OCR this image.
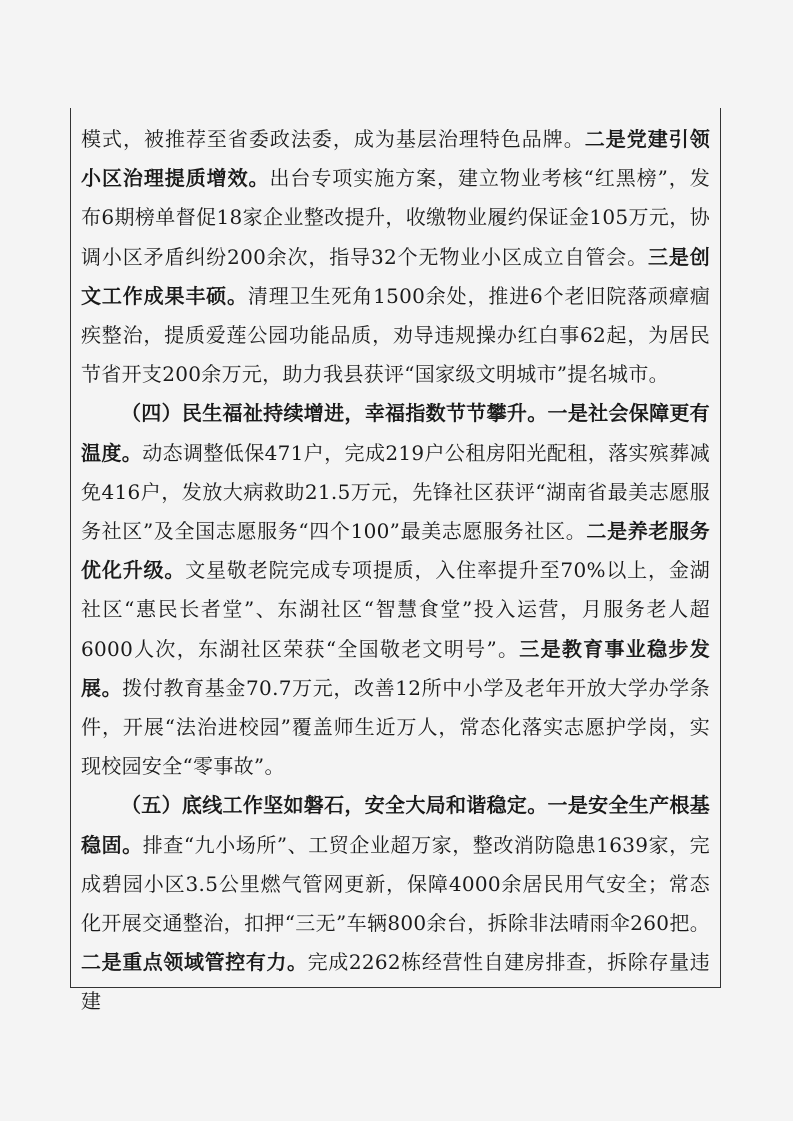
模式，被推荐至省委政法委，成为基层治理特色品牌。二是党建引领小区治理提质增效。出台专项实施方案，建立物业考核“红黑榜”，发布6期榜单督促18家企业整改提升，收缴物业履约保证金105万元，协调小区矛盾纠纷200余次，指导32个无物业小区成立自管会。三是创文工作成果丰硕。清理卫生死角1500余处，推进6个老旧院落顽瘴痼疾整治，提质爱莲公园功能品质，劝导违规操办红白事62起，为居民节省开支200余万元，助力我县获评“国家级文明城市”提名城市。

（四）民生福祉持续增进，幸福指数节节攀升。一是社会保障更有温度。动态调整低保471户，完成219户公租房阳光配租，落实殡葬减免416户，发放大病救助21.5万元，先锋社区获评“湖南省最美志愿服务社区”及全国志愿服务“四个100”最美志愿服务社区。二是养老服务优化升级。文星敬老院完成专项提质，入住率提升至70%以上，金湖社区“惠民长者堂”、东湖社区“智慧食堂”投入运营，月服务老人超6000人次，东湖社区荣获“全国敬老文明号”。三是教育事业稳步发展。拨付教育基金70.7万元，改善12所中小学及老年开放大学办学条件，开展“法治进校园”覆盖师生近万人，常态化落实志愿护学岗，实现校园安全“零事故”。

（五）底线工作坚如磐石，安全大局和谐稳定。一是安全生产根基稳固。排查“九小场所”、工贸企业超万家，整改消防隐患1639家，完成碧园小区3.5公里燃气管网更新，保障4000余居民用气安全；常态化开展交通整治，扣押“三无”车辆800余台，拆除非法晴雨伞260把。二是重点领域管控有力。完成2262栋经营性自建房排查，拆除存量违建
